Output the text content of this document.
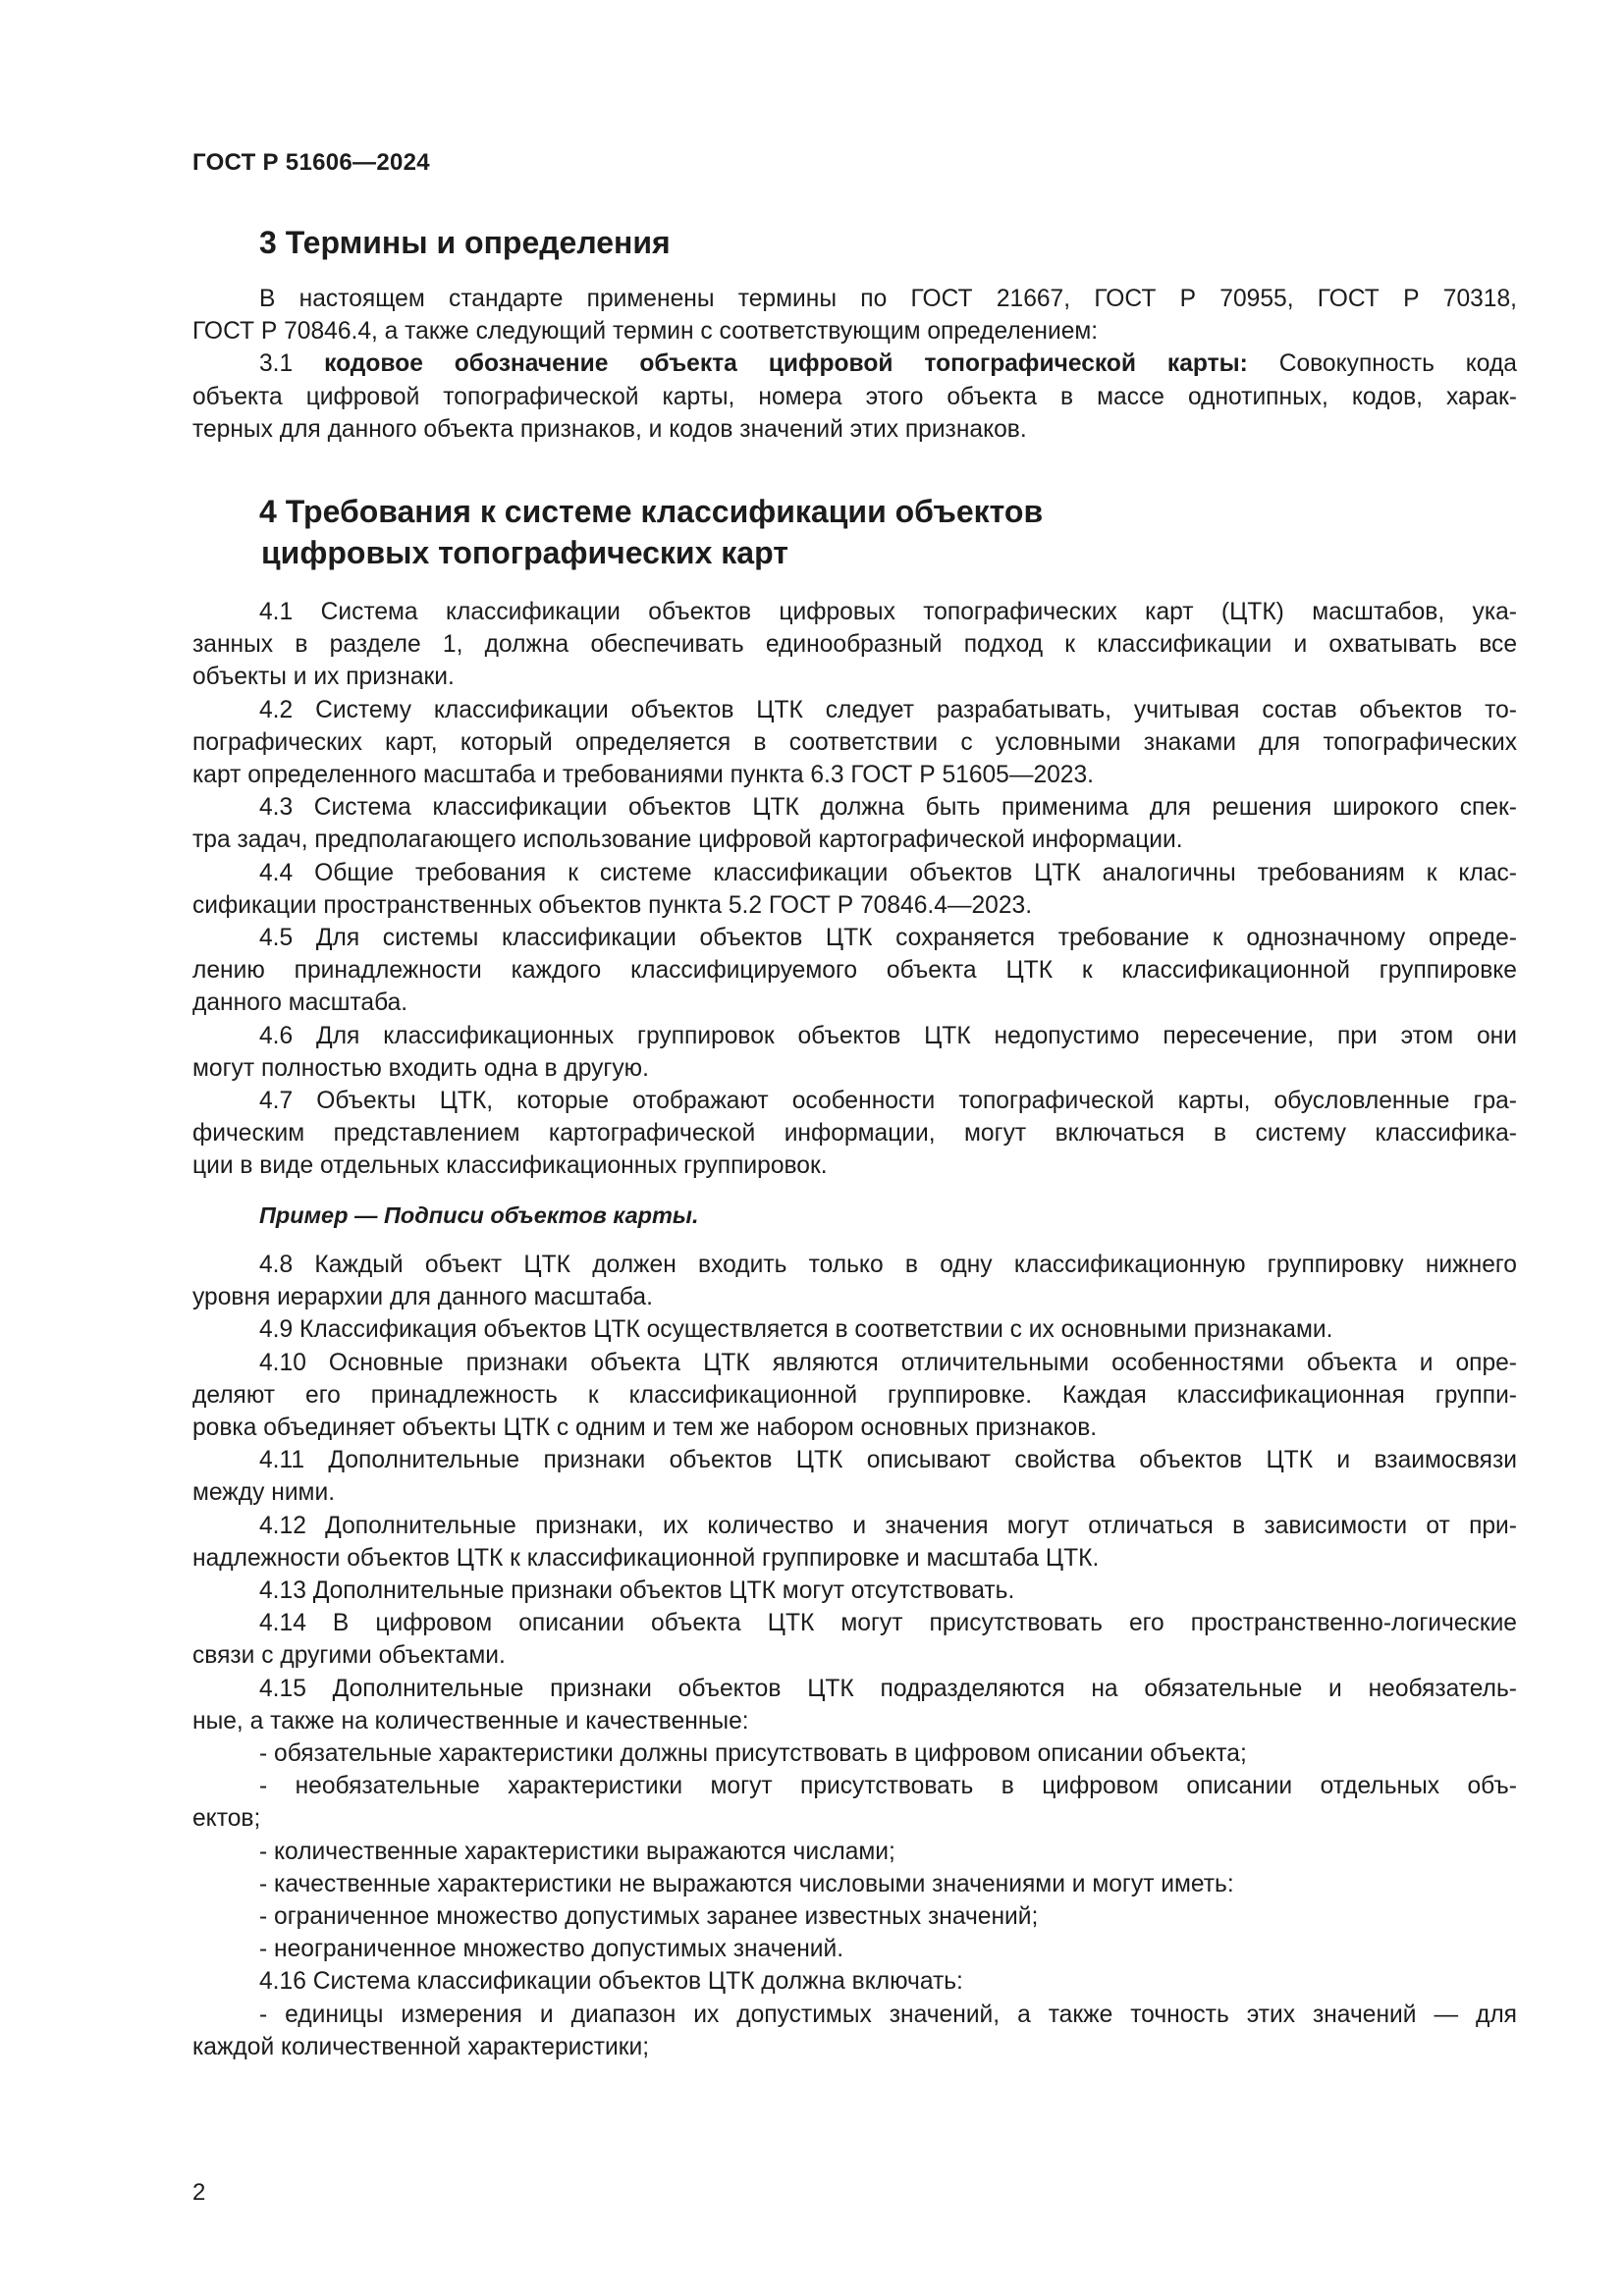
ГОСТ Р 51606—2024
3 Термины и определения

В настоящем стандарте применены термины по ГОСТ 21667, ГОСТ Р 70955, ГОСТ Р 70318,
ГОСТ Р 70846.4, а также следующий термин с соответствующим определением:

3.1 кодовое обозначение объекта цифровой топографической карты: Совокупность кода
объекта цифровой топографической карты, номера этого объекта в массе однотипных, кодов, харак-
терных для данного объекта признаков, и кодов значений этих признаков.

4 Требования к системе классификации объектов
цифровых топографических карт

4.1 Система классификации объектов цифровых топографических карт (ЦТК) масштабов, ука-
занных в разделе 1, должна обеспечивать единообразный подход к классификации и охватывать все
объекты и их признаки.

4.2 Систему классификации объектов ЦТК следует разрабатывать, учитывая состав объектов то-
пографических карт, который определяется в соответствии с условными знаками для топографических
карт определенного масштаба и требованиями пункта 6.3 ГОСТ Р 51605—2023.

4.3 Система классификации объектов ЦТК должна быть применима для решения широкого спек-
тра задач, предполагающего использование цифровой картографической информации.

4.4 Общие требования к системе классификации объектов ЦТК аналогичны требованиям к клас-
сификации пространственных объектов пункта 5.2 ГОСТ Р 70846.4—2023.

4.5 Для системы классификации объектов ЦТК сохраняется требование к однозначному опреде-
лению принадлежности каждого классифицируемого объекта ЦТК к классификационной группировке
данного масштаба.

4.6 Для классификационных группировок объектов ЦТК недопустимо пересечение, при этом они
могут полностью входить одна в другую.

4.7 Объекты ЦТК, которые отображают особенности топографической карты, обусловленные гра-
фическим представлением картографической информации, могут включаться в систему классифика-
ции в виде отдельных классификационных группировок.

Пример — Подписи объектов карты.

4.8 Каждый объект ЦТК должен входить только в одну классификационную группировку нижнего
уровня иерархии для данного масштаба.

4.9 Классификация объектов ЦТК осуществляется в соответствии с их основными признаками.

4.10 Основные признаки объекта ЦТК являются отличительными особенностями объекта и опре-
деляют его принадлежность к классификационной группировке. Каждая классификационная группи-
ровка объединяет объекты ЦТК с одним и тем же набором основных признаков.

4.11 Дополнительные признаки объектов ЦТК описывают свойства объектов ЦТК и взаимосвязи
между ними.

4.12 Дополнительные признаки, их количество и значения могут отличаться в зависимости от при-
надлежности объектов ЦТК к классификационной группировке и масштаба ЦТК.

4.13 Дополнительные признаки объектов ЦТК могут отсутствовать.

4.14 В цифровом описании объекта ЦТК могут присутствовать его пространственно-логические
связи с другими объектами.

4.15 Дополнительные признаки объектов ЦТК подразделяются на обязательные и необязатель-
ные, а также на количественные и качественные:

- обязательные характеристики должны присутствовать в цифровом описании объекта;

- необязательные характеристики могут присутствовать в цифровом описании отдельных объ-
ектов;

- количественные характеристики выражаются числами;

- качественные характеристики не выражаются числовыми значениями и могут иметь:

- ограниченное множество допустимых заранее известных значений;

- неограниченное множество допустимых значений.

4.16 Система классификации объектов ЦТК должна включать:

- единицы измерения и диапазон их допустимых значений, а также точность этих значений — для
каждой количественной характеристики;

2
